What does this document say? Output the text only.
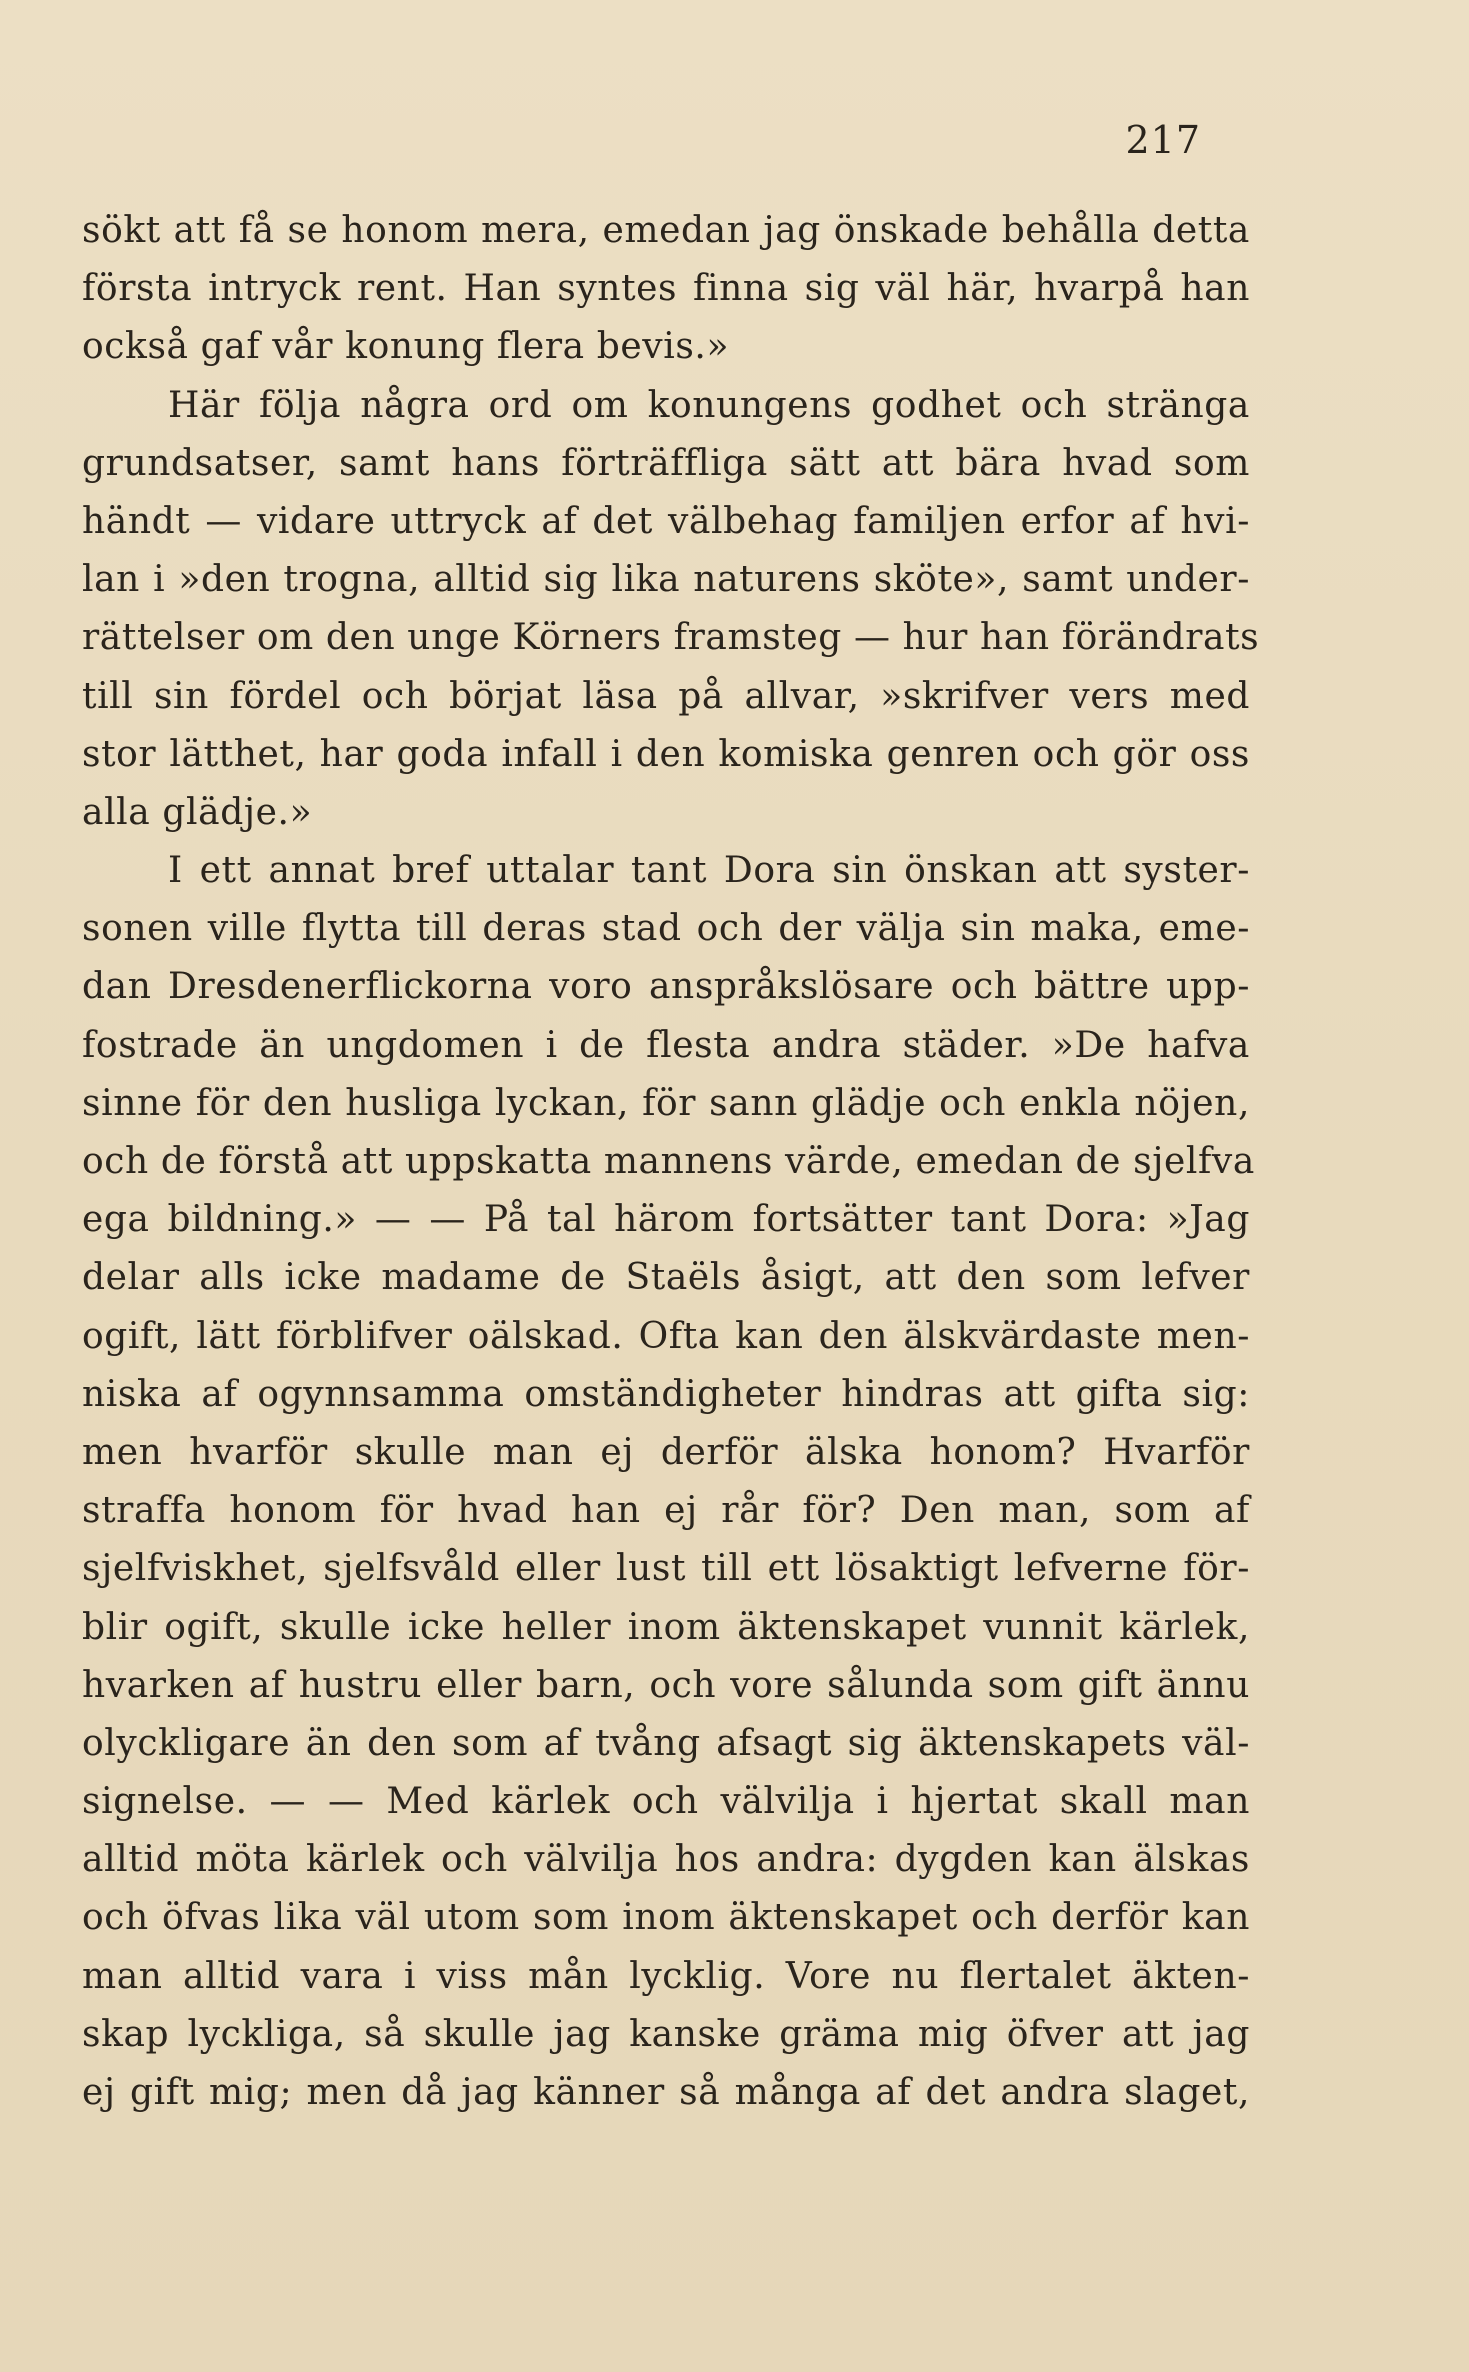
217
sökt att få se honom mera, emedan jag önskade behålla detta
första intryck rent. Han syntes finna sig väl här, hvarpå han
också gaf vår konung flera bevis.»
Här följa några ord om konungens godhet och stränga
grundsatser, samt hans förträffliga sätt att bära hvad som
händt — vidare uttryck af det välbehag familjen erfor af hvi-
lan i »den trogna, alltid sig lika naturens sköte», samt under-
rättelser om den unge Körners framsteg — hur han förändrats
till sin fördel och börjat läsa på allvar, »skrifver vers med
stor lätthet, har goda infall i den komiska genren och gör oss
alla glädje.»
I ett annat bref uttalar tant Dora sin önskan att syster-
sonen ville flytta till deras stad och der välja sin maka, eme-
dan Dresdenerflickorna voro anspråkslösare och bättre upp-
fostrade än ungdomen i de flesta andra städer. »De hafva
sinne för den husliga lyckan, för sann glädje och enkla nöjen,
och de förstå att uppskatta mannens värde, emedan de sjelfva
ega bildning.» — — På tal härom fortsätter tant Dora: »Jag
delar alls icke madame de Staëls åsigt, att den som lefver
ogift, lätt förblifver oälskad. Ofta kan den älskvärdaste men-
niska af ogynnsamma omständigheter hindras att gifta sig:
men hvarför skulle man ej derför älska honom? Hvarför
straffa honom för hvad han ej rår för? Den man, som af
sjelfviskhet, sjelfsvåld eller lust till ett lösaktigt lefverne för-
blir ogift, skulle icke heller inom äktenskapet vunnit kärlek,
hvarken af hustru eller barn, och vore sålunda som gift ännu
olyckligare än den som af tvång afsagt sig äktenskapets väl-
signelse. — — Med kärlek och välvilja i hjertat skall man
alltid möta kärlek och välvilja hos andra: dygden kan älskas
och öfvas lika väl utom som inom äktenskapet och derför kan
man alltid vara i viss mån lycklig. Vore nu flertalet äkten-
skap lyckliga, så skulle jag kanske gräma mig öfver att jag
ej gift mig; men då jag känner så många af det andra slaget,
